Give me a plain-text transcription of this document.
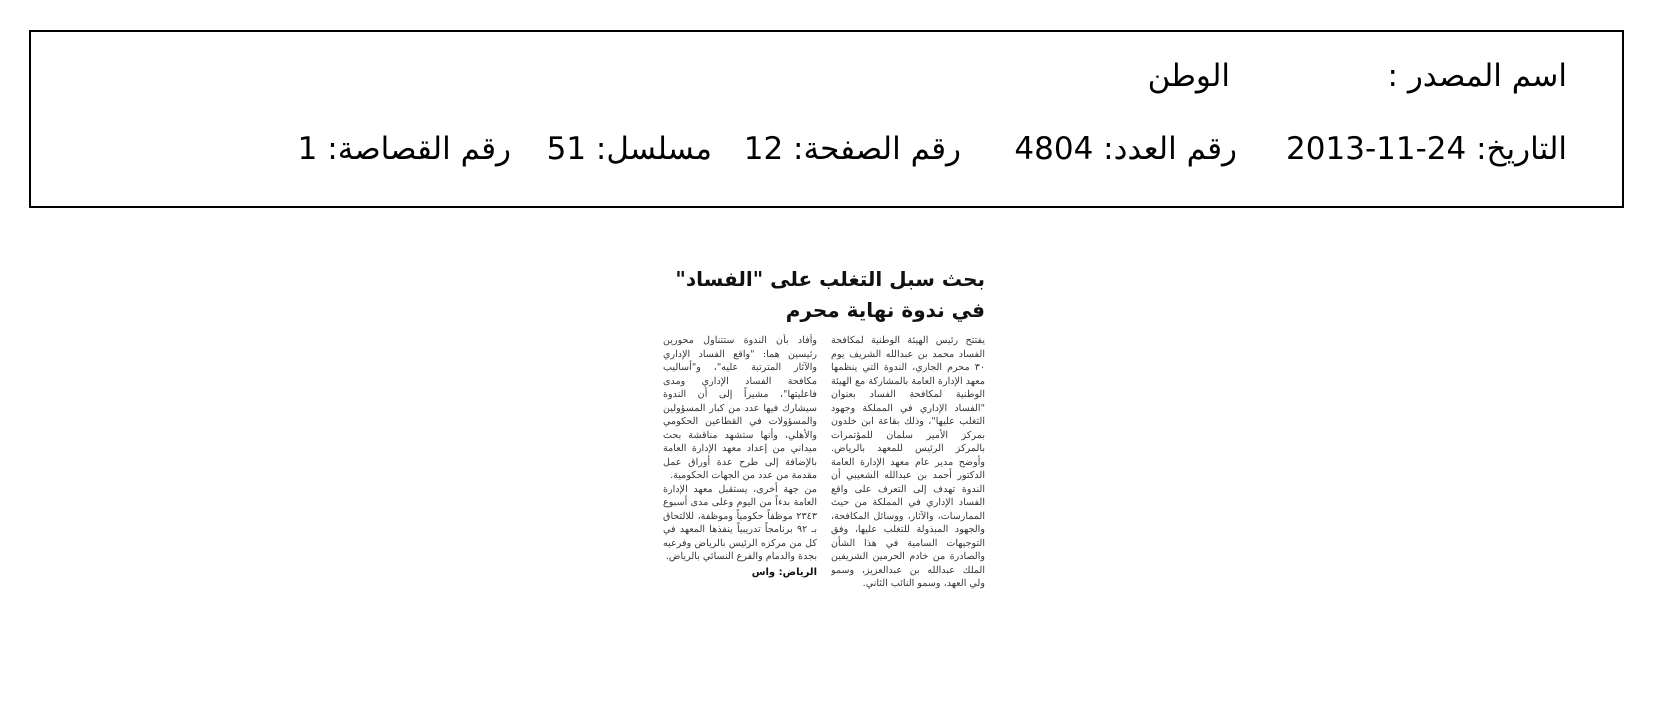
اسم المصدر :
الوطن
التاريخ: 24-11-2013
رقم العدد: 4804
رقم الصفحة: 12
مسلسل: 51
رقم القصاصة: 1
بحث سبل التغلب على "الفساد"
في ندوة نهاية محرم

يفتتح رئيس الهيئة الوطنية لمكافحة الفساد محمد بن عبدالله الشريف يوم ٣٠ محرم الجاري، الندوة التي ينظمها معهد الإدارة العامة بالمشاركة مع الهيئة الوطنية لمكافحة الفساد بعنوان "الفساد الإداري في المملكة وجهود التغلب عليها"، وذلك بقاعة ابن خلدون بمركز الأمير سلمان للمؤتمرات بالمركز الرئيس للمعهد بالرياض. وأوضح مدير عام معهد الإدارة العامة الدكتور أحمد بن عبدالله الشعيبي أن الندوة تهدف إلى التعرف على واقع الفساد الإداري في المملكة من حيث الممارسات، والآثار، ووسائل المكافحة، والجهود المبذولة للتغلب عليها، وفق التوجيهات السامية في هذا الشأن والصادرة من خادم الحرمين الشريفين الملك عبدالله بن عبدالعزيز، وسمو ولي العهد، وسمو النائب الثاني.

وأفاد بأن الندوة ستتناول محورين رئيسين هما: "واقع الفساد الإداري والآثار المترتبة عليه"، و"أساليب مكافحة الفساد الإداري ومدى فاعليتها"، مشيراً إلى أن الندوة سيشارك فيها عدد من كبار المسؤولين والمسؤولات في القطاعين الحكومي والأهلي، وأنها ستشهد مناقشة بحث ميداني من إعداد معهد الإدارة العامة بالإضافة إلى طرح عدة أوراق عمل مقدمة من عدد من الجهات الحكومية.

من جهة أخرى، يستقبل معهد الإدارة العامة بدءاً من اليوم وعلى مدى أسبوع ٢٣٤٣ موظفاً حكومياً وموظفة، للالتحاق بـ ٩٢ برنامجاً تدريبياً ينفذها المعهد في كل من مركزه الرئيس بالرياض وفرعيه بجدة والدمام والفرع النسائي بالرياض.

الرياض: واس
